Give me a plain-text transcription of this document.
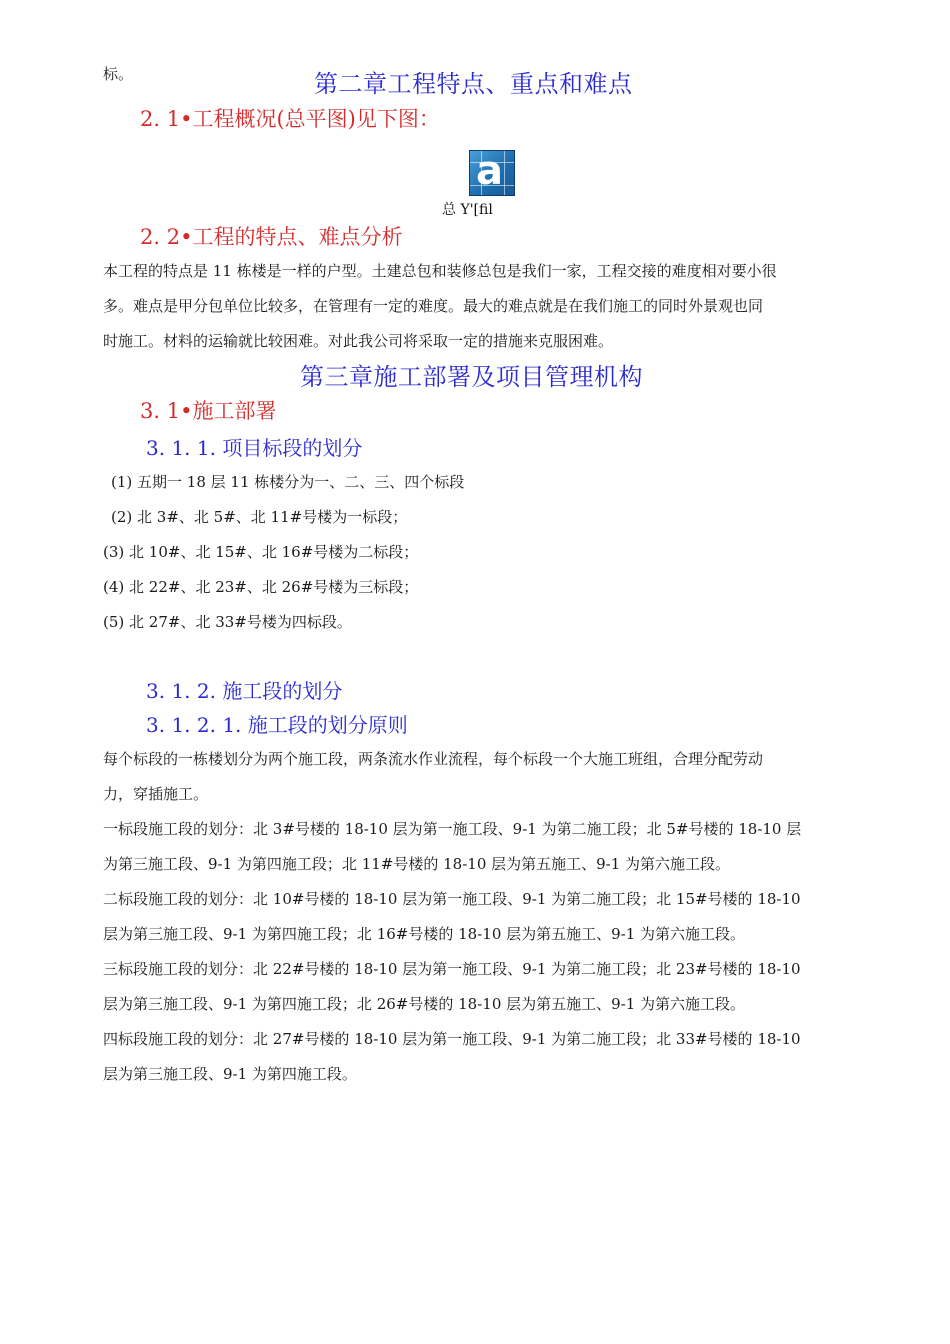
标。	第二章工程特点、重点和难点
2. 1•工程概况(总平图)见下图：
a
总 Y'[fil
2. 2•工程的特点、难点分析
本工程的特点是 11 栋楼是一样的户型。土建总包和装修总包是我们一家，工程交接的难度相对要小很
多。难点是甲分包单位比较多，在管理有一定的难度。最大的难点就是在我们施工的同时外景观也同
时施工。材料的运输就比较困难。对此我公司将采取一定的措施来克服困难。
第三章施工部署及项目管理机构
3. 1•施工部署
3. 1. 1. 项目标段的划分
(1) 五期一 18 层 11 栋楼分为一、二、三、四个标段
(2) 北 3#、北 5#、北 11#号楼为一标段；
(3) 北 10#、北 15#、北 16#号楼为二标段；
(4) 北 22#、北 23#、北 26#号楼为三标段；
(5) 北 27#、北 33#号楼为四标段。
3. 1. 2. 施工段的划分
3. 1. 2. 1. 施工段的划分原则
每个标段的一栋楼划分为两个施工段，两条流水作业流程，每个标段一个大施工班组，合理分配劳动
力，穿插施工。
一标段施工段的划分：北 3#号楼的 18-10 层为第一施工段、9-1 为第二施工段；北 5#号楼的 18-10 层
为第三施工段、9-1 为第四施工段；北 11#号楼的 18-10 层为第五施工、9-1 为第六施工段。
二标段施工段的划分：北 10#号楼的 18-10 层为第一施工段、9-1 为第二施工段；北 15#号楼的 18-10
层为第三施工段、9-1 为第四施工段；北 16#号楼的 18-10 层为第五施工、9-1 为第六施工段。
三标段施工段的划分：北 22#号楼的 18-10 层为第一施工段、9-1 为第二施工段；北 23#号楼的 18-10
层为第三施工段、9-1 为第四施工段；北 26#号楼的 18-10 层为第五施工、9-1 为第六施工段。
四标段施工段的划分：北 27#号楼的 18-10 层为第一施工段、9-1 为第二施工段；北 33#号楼的 18-10
层为第三施工段、9-1 为第四施工段。
